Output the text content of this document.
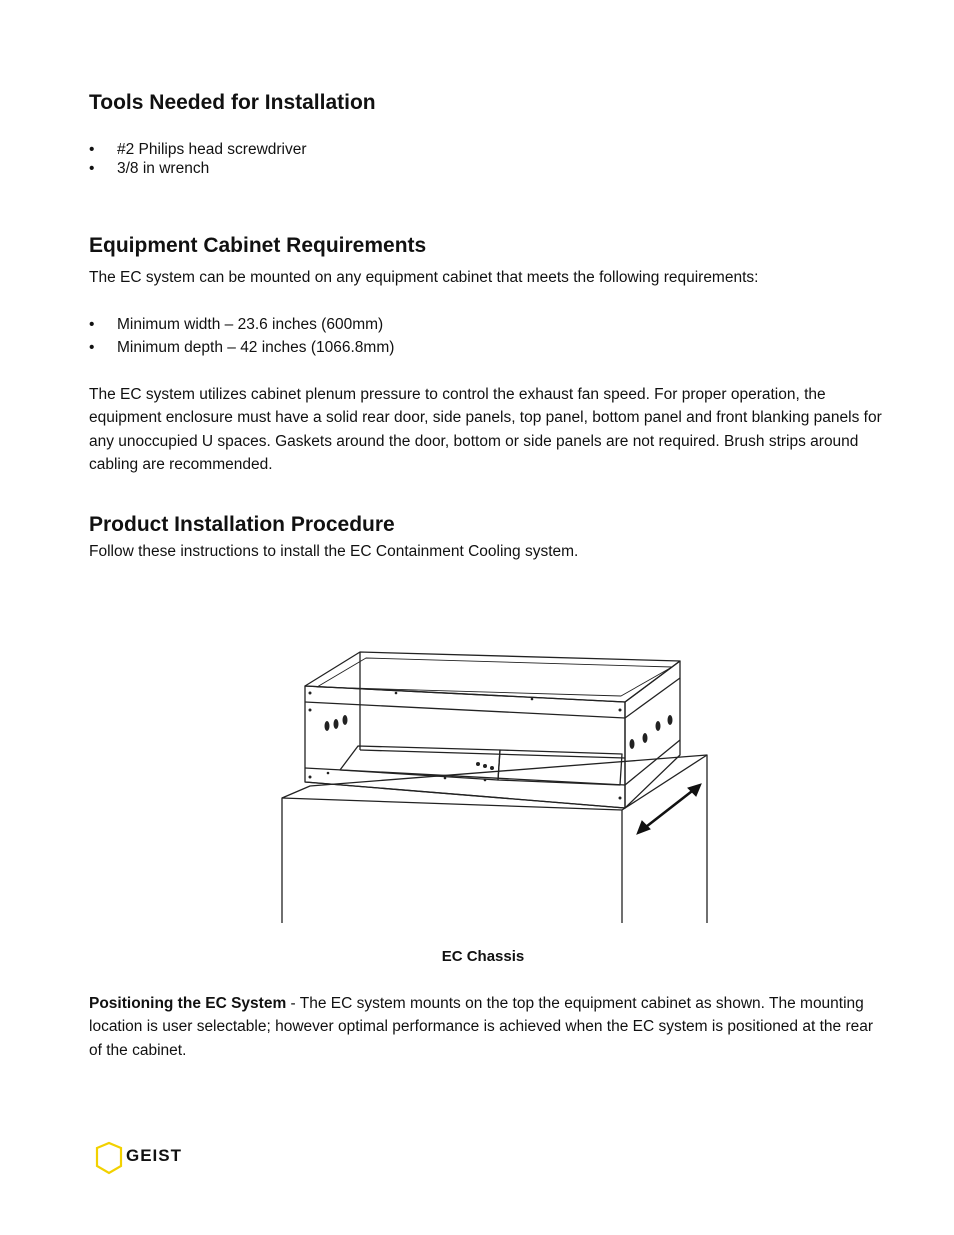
Tools Needed for Installation
• #2 Philips head screwdriver
• 3/8 in wrench
Equipment Cabinet Requirements

The EC system can be mounted on any equipment cabinet that meets the following requirements:

• Minimum width – 23.6 inches (600mm)
• Minimum depth – 42 inches (1066.8mm)

The EC system utilizes cabinet plenum pressure to control the exhaust fan speed. For proper operation, the equipment enclosure must have a solid rear door, side panels, top panel, bottom panel and front blanking panels for any unoccupied U spaces. Gaskets around the door, bottom or side panels are not required. Brush strips around cabling are recommended.

Product Installation Procedure

Follow these instructions to install the EC Containment Cooling system.

EC Chassis

Positioning the EC System - The EC system mounts on the top the equipment cabinet as shown. The mounting location is user selectable; however optimal performance is achieved when the EC system is positioned at the rear of the cabinet.

GEIST
